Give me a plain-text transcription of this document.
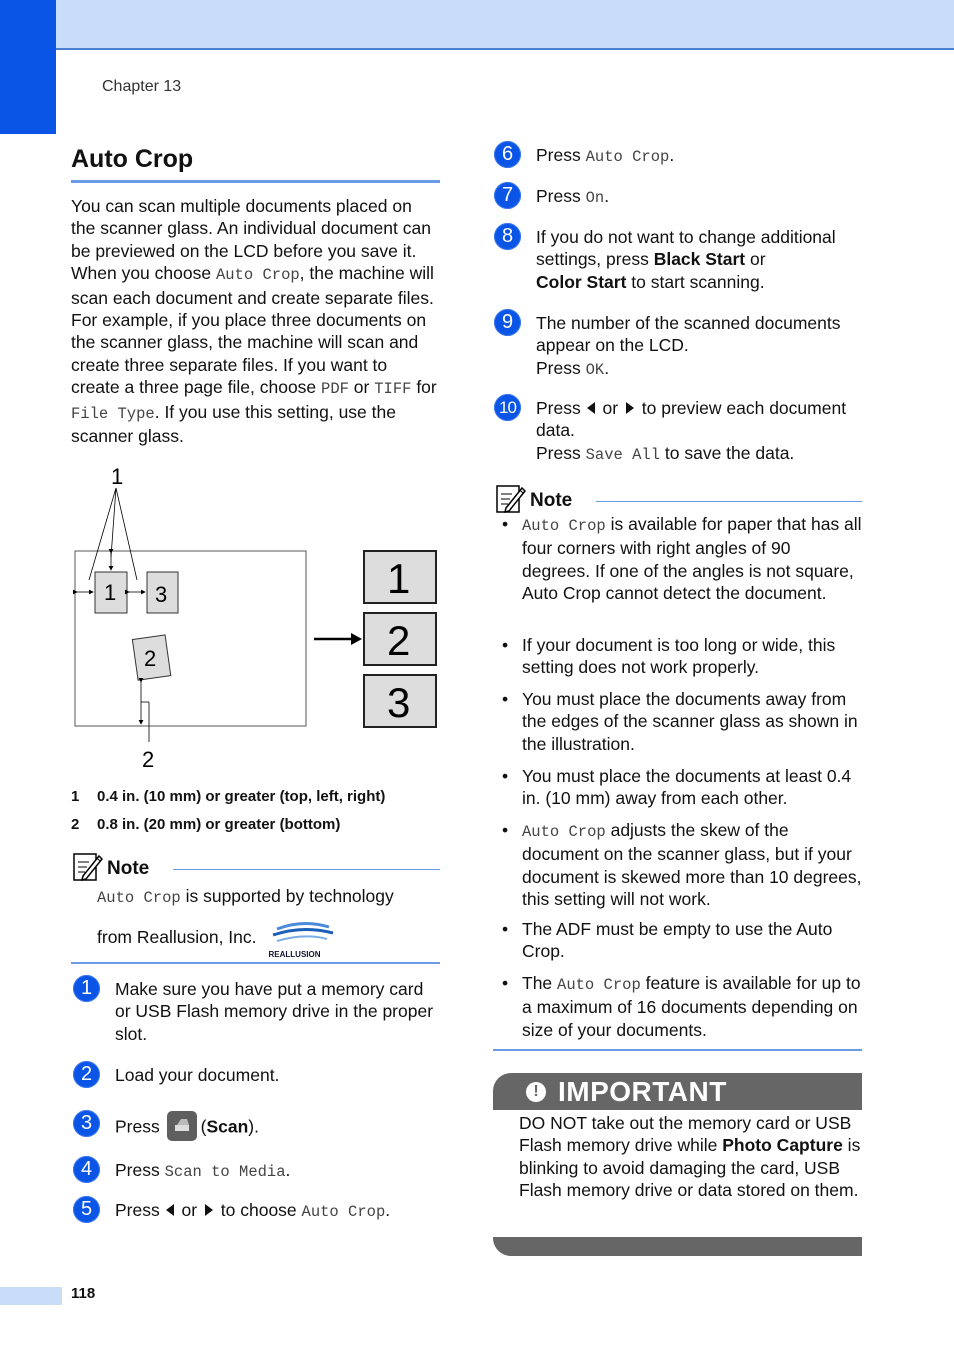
Chapter 13
Auto Crop

You can scan multiple documents placed on the scanner glass. An individual document can be previewed on the LCD before you save it. When you choose Auto Crop, the machine will scan each document and create separate files. For example, if you place three documents on the scanner glass, the machine will scan and create three separate files. If you want to create a three page file, choose PDF or TIFF for File Type. If you use this setting, use the scanner glass.

1
1 3
2
2
1
2
3
1	0.4 in. (10 mm) or greater (top, left, right)
2	0.8 in. (20 mm) or greater (bottom)
Note
Auto Crop is supported by technology
from Reallusion, Inc.
REALLUSION
1	Make sure you have put a memory card or USB Flash memory drive in the proper slot.
2	Load your document.
3	Press (Scan).
4	Press Scan to Media.
5	Press  or  to choose Auto Crop.
6	Press Auto Crop.
7	Press On.
8	If you do not want to change additional settings, press Black Start or
Color Start to start scanning.
9	The number of the scanned documents appear on the LCD.
Press OK.
10 Press  or  to preview each document data.
Press Save All to save the data.
Note
• Auto Crop is available for paper that has all four corners with right angles of 90 degrees. If one of the angles is not square, Auto Crop cannot detect the document.
• If your document is too long or wide, this setting does not work properly.
• You must place the documents away from the edges of the scanner glass as shown in the illustration.
• You must place the documents at least 0.4 in. (10 mm) away from each other.
• Auto Crop adjusts the skew of the document on the scanner glass, but if your document is skewed more than 10 degrees, this setting will not work.
• The ADF must be empty to use the Auto Crop.
• The Auto Crop feature is available for up to a maximum of 16 documents depending on size of your documents.
! IMPORTANT
DO NOT take out the memory card or USB Flash memory drive while Photo Capture is blinking to avoid damaging the card, USB Flash memory drive or data stored on them.
118
